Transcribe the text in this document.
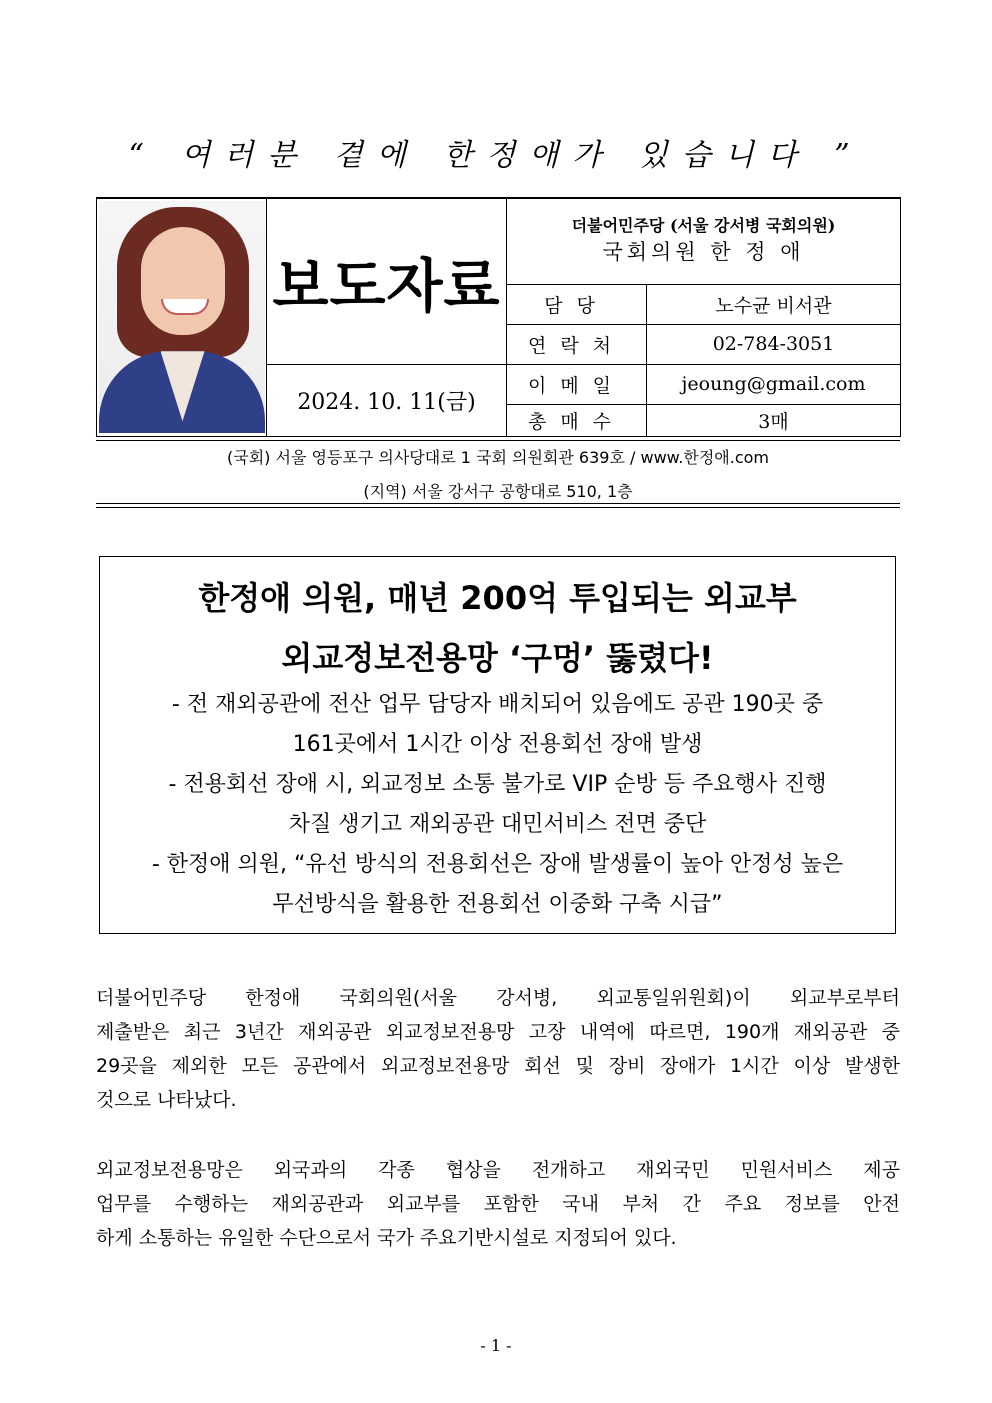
“ 여러분 곁에 한정애가 있습니다 ”
	보도자료	더불어민주당 (서울 강서병 국회의원)
국회의원 한 정 애	

		담당	노수균 비서관
		연락처	02-784-3051
	2024. 10. 11(금)	이메일	jeoung@gmail.com
		총매수	3매
(국회) 서울 영등포구 의사당대로 1 국회 의원회관 639호 / www.한정애.com
(지역) 서울 강서구 공항대로 510, 1층
한정애 의원, 매년 200억 투입되는 외교부
외교정보전용망 ‘구멍’ 뚫렸다!
- 전 재외공관에 전산 업무 담당자 배치되어 있음에도 공관 190곳 중
161곳에서 1시간 이상 전용회선 장애 발생
- 전용회선 장애 시, 외교정보 소통 불가로 VIP 순방 등 주요행사 진행
차질 생기고 재외공관 대민서비스 전면 중단
- 한정애 의원, “유선 방식의 전용회선은 장애 발생률이 높아 안정성 높은
무선방식을 활용한 전용회선 이중화 구축 시급”
더불어민주당 한정애 국회의원(서울 강서병, 외교통일위원회)이 외교부로부터
제출받은 최근 3년간 재외공관 외교정보전용망 고장 내역에 따르면, 190개 재외공관 중
29곳을 제외한 모든 공관에서 외교정보전용망 회선 및 장비 장애가 1시간 이상 발생한
것으로 나타났다.
외교정보전용망은 외국과의 각종 협상을 전개하고 재외국민 민원서비스 제공
업무를 수행하는 재외공관과 외교부를 포함한 국내 부처 간 주요 정보를 안전
하게 소통하는 유일한 수단으로서 국가 주요기반시설로 지정되어 있다.
- 1 -
